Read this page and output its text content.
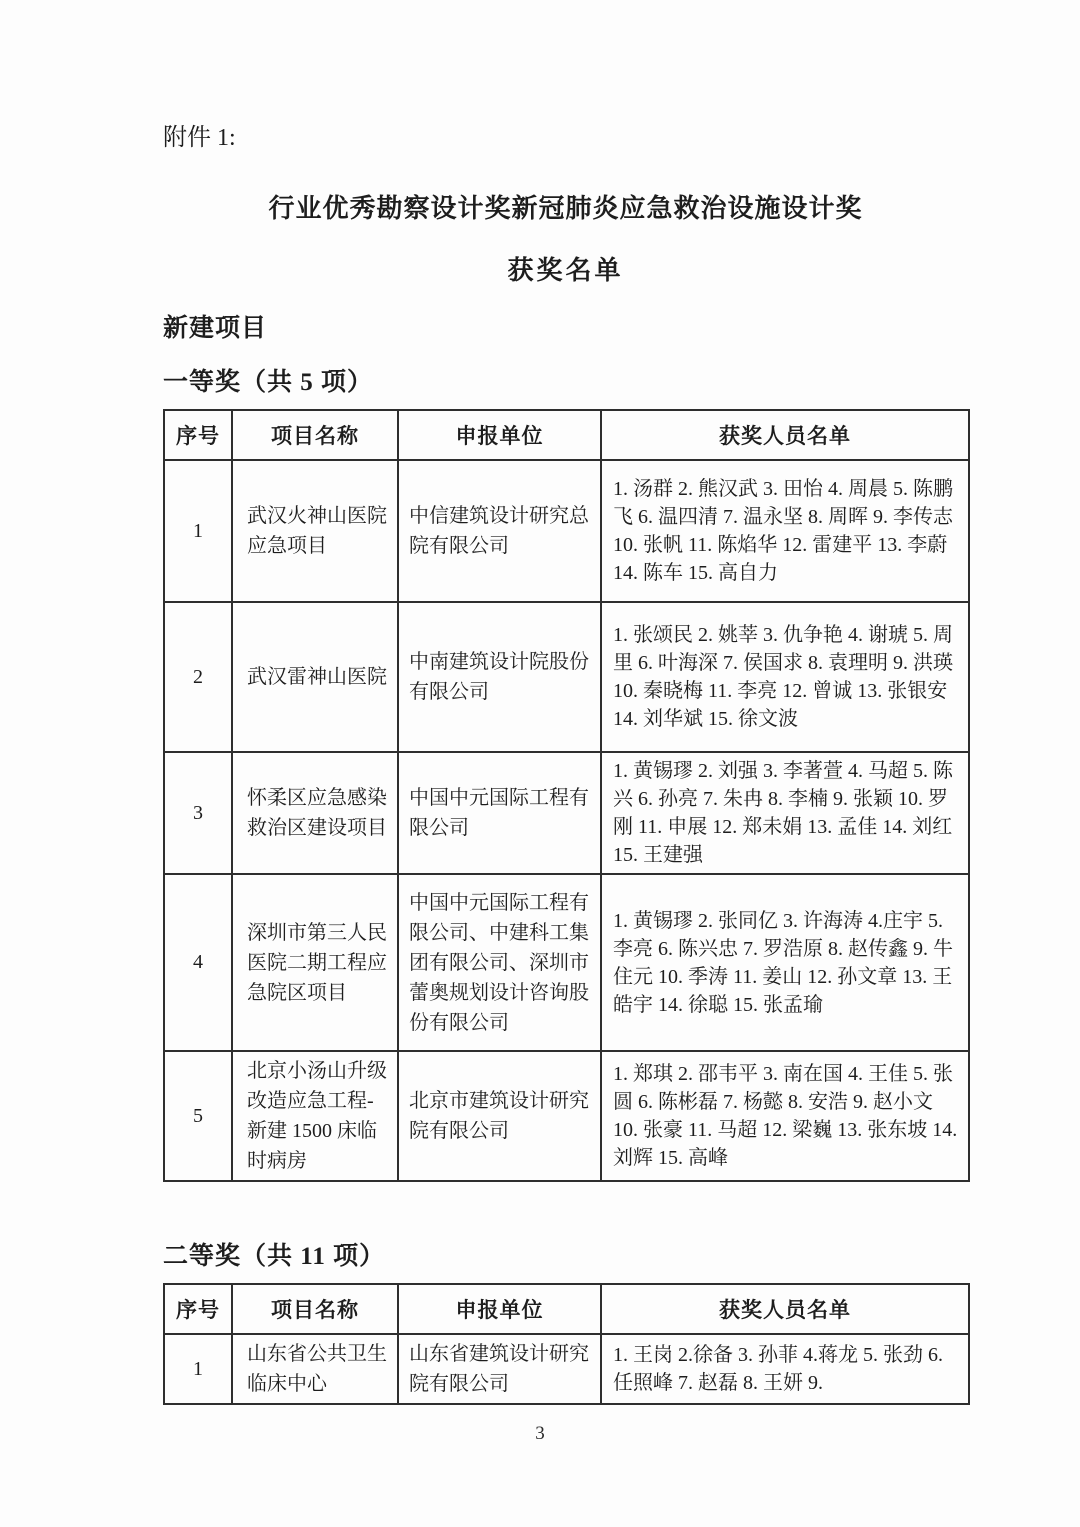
附件 1:
行业优秀勘察设计奖新冠肺炎应急救治设施设计奖
获奖名单
新建项目
一等奖（共 5 项）
序号	项目名称	申报单位	获奖人员名单
1	武汉火神山医院应急项目	中信建筑设计研究总院有限公司	1. 汤群 2. 熊汉武 3. 田怡 4. 周晨 5. 陈鹏飞 6. 温四清 7. 温永坚 8. 周晖 9. 李传志 10. 张帆 11. 陈焰华 12. 雷建平 13. 李蔚 14. 陈车 15. 高自力
2	武汉雷神山医院	中南建筑设计院股份有限公司	1. 张颂民 2. 姚莘 3. 仇争艳 4. 谢琥 5. 周里 6. 叶海深 7. 侯国求 8. 袁理明 9. 洪瑛 10. 秦晓梅 11. 李亮 12. 曾诚 13. 张银安 14. 刘华斌 15. 徐文波
3	怀柔区应急感染救治区建设项目	中国中元国际工程有限公司	1. 黄锡璆 2. 刘强 3. 李著萱 4. 马超 5. 陈兴 6. 孙亮 7. 朱冉 8. 李楠 9. 张颖 10. 罗刚 11. 申展 12. 郑未娟 13. 孟佳 14. 刘红 15. 王建强
4	深圳市第三人民医院二期工程应急院区项目	中国中元国际工程有限公司、中建科工集团有限公司、深圳市蕾奥规划设计咨询股份有限公司	1. 黄锡璆 2. 张同亿 3. 许海涛 4.庄宇 5. 李亮 6. 陈兴忠 7. 罗浩原 8. 赵传鑫 9. 牛住元 10. 季涛 11. 姜山 12. 孙文章 13. 王皓宇 14. 徐聪 15. 张孟瑜
5	北京小汤山升级改造应急工程-新建 1500 床临时病房	北京市建筑设计研究院有限公司	1. 郑琪 2. 邵韦平 3. 南在国 4. 王佳 5. 张圆 6. 陈彬磊 7. 杨懿 8. 安浩 9. 赵小文 10. 张豪 11. 马超 12. 梁巍 13. 张东坡 14. 刘辉 15. 高峰
二等奖（共 11 项）
序号	项目名称	申报单位	获奖人员名单
1	山东省公共卫生临床中心	山东省建筑设计研究院有限公司	1. 王岗 2.徐备 3. 孙菲 4.蒋龙 5. 张劲 6. 任照峰 7. 赵磊 8. 王妍 9.
3
